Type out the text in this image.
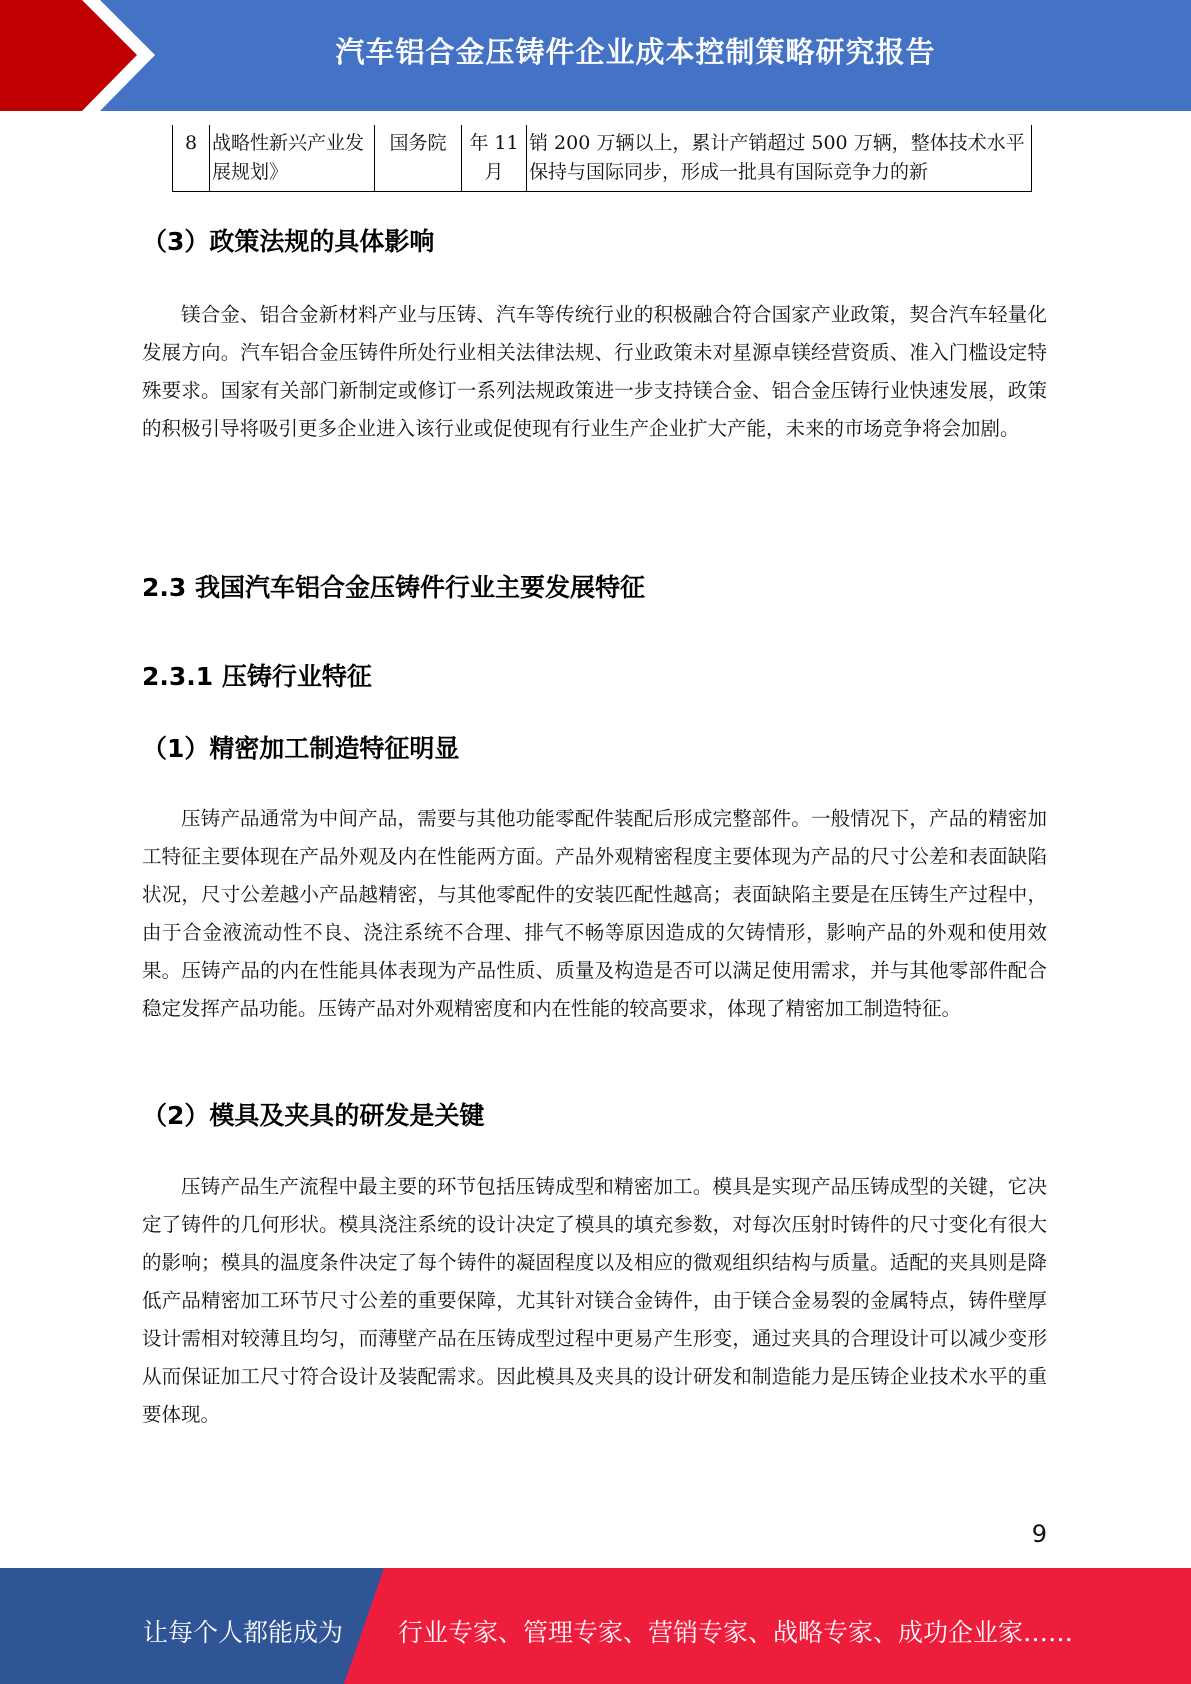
汽车铝合金压铸件企业成本控制策略研究报告
8	战略性新兴产业发展规划》	国务院	年 11 月	销 200 万辆以上，累计产销超过 500 万辆，整体技术水平保持与国际同步，形成一批具有国际竞争力的新
（3）政策法规的具体影响

镁合金、铝合金新材料产业与压铸、汽车等传统行业的积极融合符合国家产业政策，契合汽车轻量化发展方向。汽车铝合金压铸件所处行业相关法律法规、行业政策未对星源卓镁经营资质、准入门槛设定特殊要求。国家有关部门新制定或修订一系列法规政策进一步支持镁合金、铝合金压铸行业快速发展，政策的积极引导将吸引更多企业进入该行业或促使现有行业生产企业扩大产能，未来的市场竞争将会加剧。

2.3 我国汽车铝合金压铸件行业主要发展特征
2.3.1 压铸行业特征
（1）精密加工制造特征明显

压铸产品通常为中间产品，需要与其他功能零配件装配后形成完整部件。一般情况下，产品的精密加工特征主要体现在产品外观及内在性能两方面。产品外观精密程度主要体现为产品的尺寸公差和表面缺陷状况，尺寸公差越小产品越精密，与其他零配件的安装匹配性越高；表面缺陷主要是在压铸生产过程中，由于合金液流动性不良、浇注系统不合理、排气不畅等原因造成的欠铸情形，影响产品的外观和使用效果。压铸产品的内在性能具体表现为产品性质、质量及构造是否可以满足使用需求，并与其他零部件配合稳定发挥产品功能。压铸产品对外观精密度和内在性能的较高要求，体现了精密加工制造特征。

（2）模具及夹具的研发是关键

压铸产品生产流程中最主要的环节包括压铸成型和精密加工。模具是实现产品压铸成型的关键，它决定了铸件的几何形状。模具浇注系统的设计决定了模具的填充参数，对每次压射时铸件的尺寸变化有很大的影响；模具的温度条件决定了每个铸件的凝固程度以及相应的微观组织结构与质量。适配的夹具则是降低产品精密加工环节尺寸公差的重要保障，尤其针对镁合金铸件，由于镁合金易裂的金属特点，铸件壁厚设计需相对较薄且均匀，而薄壁产品在压铸成型过程中更易产生形变，通过夹具的合理设计可以减少变形从而保证加工尺寸符合设计及装配需求。因此模具及夹具的设计研发和制造能力是压铸企业技术水平的重要体现。

9
让每个人都能成为 行业专家、管理专家、营销专家、战略专家、成功企业家……
